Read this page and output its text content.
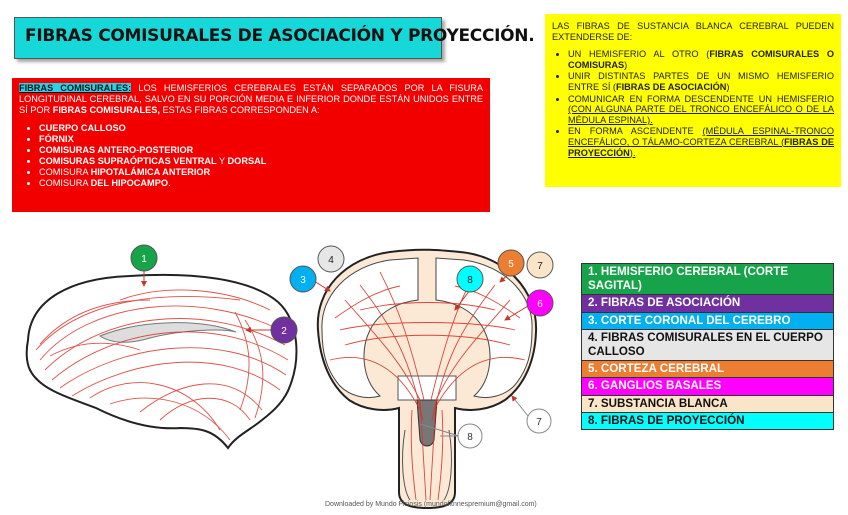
FIBRAS COMISURALES DE ASOCIACIÓN Y PROYECCIÓN.

FIBRAS COMISURALES: LOS HEMISFERIOS CEREBRALES ESTÁN SEPARADOS POR LA FISURA LONGITUDINAL CEREBRAL, SALVO EN SU PORCIÓN MEDIA E INFERIOR DONDE ESTÁN UNIDOS ENTRE SÍ POR FIBRAS COMISURALES, ESTAS FIBRAS CORRESPONDEN A:

• CUERPO CALLOSO
• FÓRNIX
• COMISURAS ANTERO-POSTERIOR
• COMISURAS SUPRAÓPTICAS VENTRAL Y DORSAL
• COMISURA HIPOTALÁMICA ANTERIOR
• COMISURA DEL HIPOCAMPO.

LAS FIBRAS DE SUSTANCIA BLANCA CEREBRAL PUEDEN EXTENDERSE DE:

• UN HEMISFERIO AL OTRO (FIBRAS COMISURALES O COMISURAS)
• UNIR DISTINTAS PARTES DE UN MISMO HEMISFERIO ENTRE SÍ (FIBRAS DE ASOCIACIÓN)
• COMUNICAR EN FORMA DESCENDENTE UN HEMISFERIO (CON ALGUNA PARTE DEL TRONCO ENCEFÁLICO O DE LA MÉDULA ESPINAL).
• EN FORMA ASCENDENTE (MÉDULA ESPINAL-TRONCO ENCEFÁLICO, O TÁLAMO-CORTEZA CEREBRAL (FIBRAS DE PROYECCIÓN).
1
2
3
4	5
6
7
8
7
8
1. HEMISFERIO CEREBRAL (CORTE SAGITAL)
2. FIBRAS DE ASOCIACIÓN
3. CORTE CORONAL DEL CEREBRO
4. FIBRAS COMISURALES EN EL CUERPO CALLOSO
5. CORTEZA CEREBRAL
6. GANGLIOS BASALES
7. SUBSTANCIA BLANCA
8. FIBRAS DE PROYECCIÓN
Downloaded by Mundo Fisiosis (mundofitnnespremium@gmail.com)
